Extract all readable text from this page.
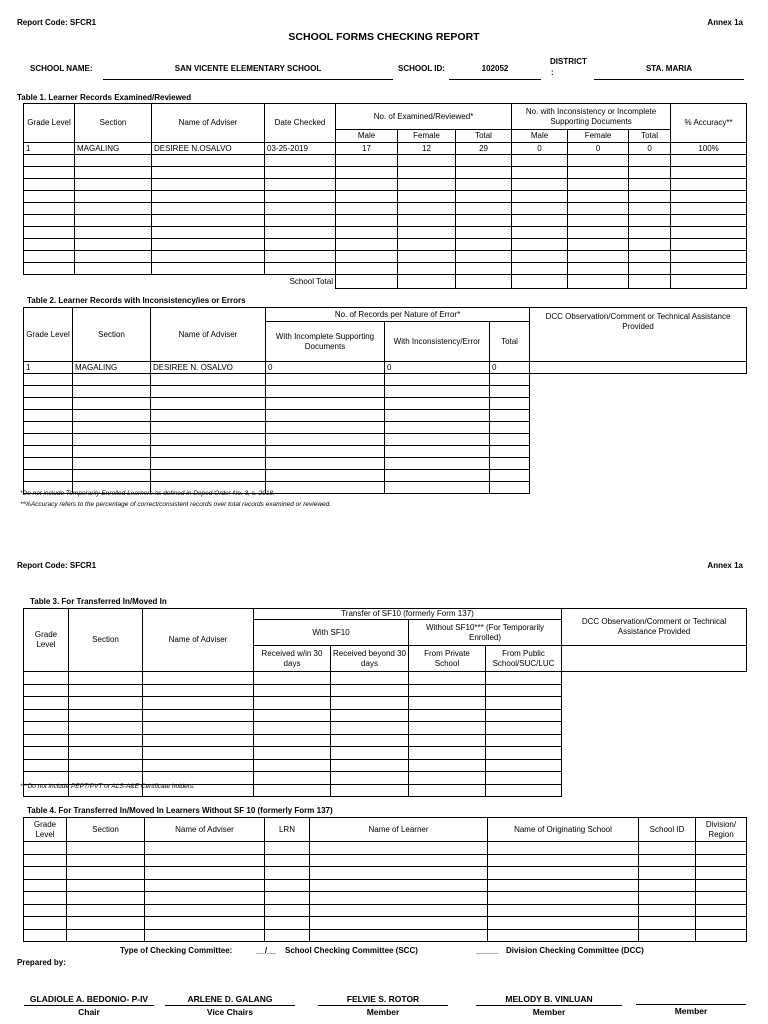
Report Code: SFCR1	Annex 1a
SCHOOL FORMS CHECKING REPORT
SCHOOL NAME:	SAN VICENTE ELEMENTARY SCHOOL	SCHOOL ID:	102052
DISTRICT
:	STA. MARIA
Table 1. Learner Records Examined/Reviewed
Grade Level	Section	Name of Adviser	Date Checked	No. of Examined/Reviewed*			No. with Inconsistency or Incomplete Supporting Documents			% Accuracy**
				Male	Female	Total	Male	Female	Total	
1	MAGALING	DESIREE N.OSALVO	03-25-2019	17	12	29	0	0	0	100%

			School Total							
Table 2. Learner Records with Inconsistency/ies or Errors
Grade Level	Section	Name of Adviser	No. of Records per Nature of Error*			DCC Observation/Comment or Technical Assistance Provided
			With Incomplete Supporting Documents	With Inconsistency/Error	Total	
1	MAGALING	DESIREE N. OSALVO	0	0	0	

*Do not include Temporarily Enrolled Learners as defined in Deped Order No. 3, s. 2018.
**%Accuracy refers to the percentage of correct/consistent records over total records examined or reviewed.
Report Code: SFCR1	Annex 1a
Table 3. For Transferred In/Moved In
Grade Level	Section	Name of Adviser	Transfer of SF10 (formerly Form 137)				DCC Observation/Comment or Technical Assistance Provided
			With SF10		Without SF10*** (For Temporarily Enrolled)		
			Received w/in 30 days	Received beyond 30 days	From Private School	From Public School/SUC/LUC	

***Do not include PEPT/PVT or ALS-A&E Certificate holders.
Table 4. For Transferred In/Moved In Learners Without SF 10 (formerly Form 137)
Grade Level	Section	Name of Adviser	LRN	Name of Learner	Name of Originating School	School ID	Division/ Region

Type of Checking Committee:	__/__ School Checking Committee (SCC)	_____ Division Checking Committee (DCC)
Prepared by:
GLADIOLE A. BEDONIO- P-IV
Chair
ARLENE D. GALANG
Vice Chairs
FELVIE S. ROTOR
Member
MELODY B. VINLUAN
Member	Member
